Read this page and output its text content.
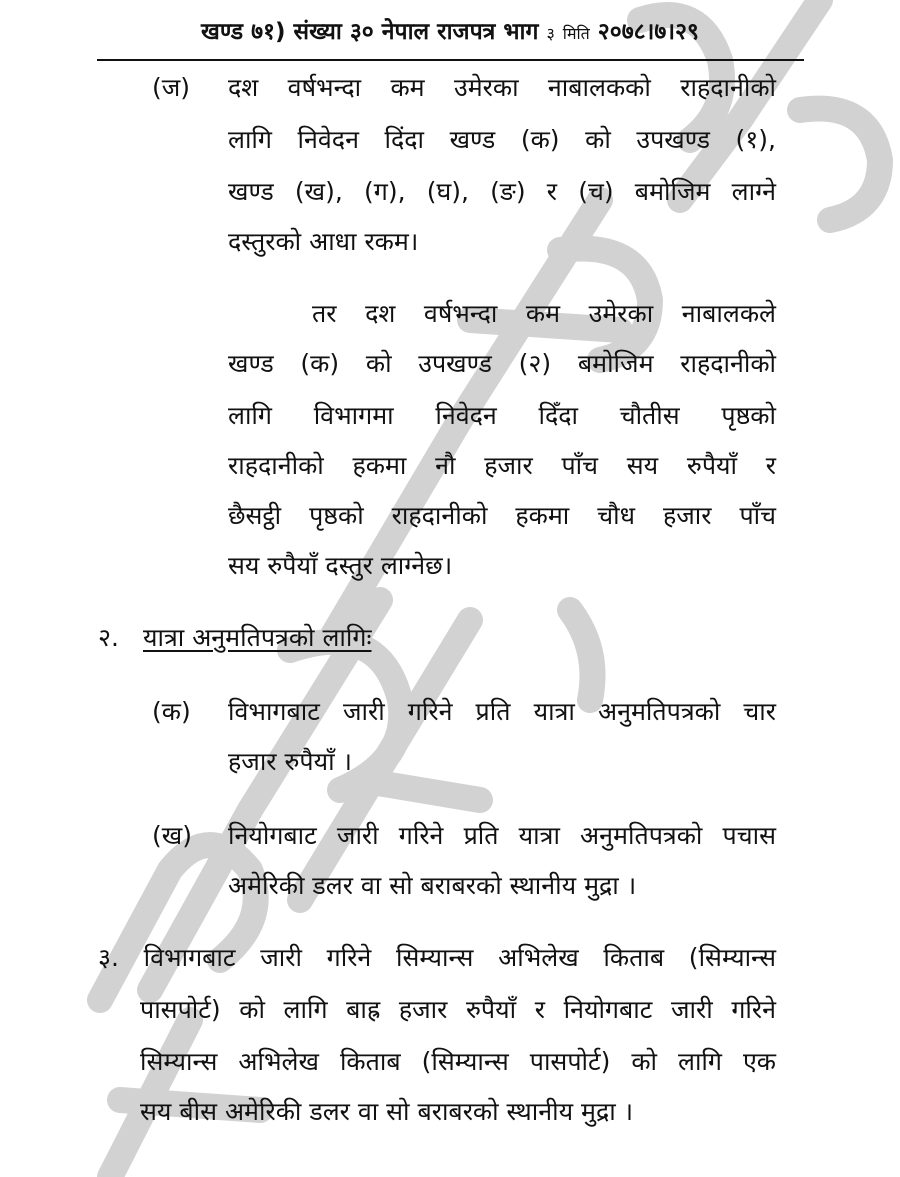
खण्ड ७१) संख्या ३० नेपाल राजपत्र भाग ३ मिति २०७८।७।२९
(ज) दश वर्षभन्दा कम उमेरका नाबालकको राहदानीको
लागि निवेदन दिंदा खण्ड (क) को उपखण्ड (१),
खण्ड (ख), (ग), (घ), (ङ) र (च) बमोजिम लाग्ने
दस्तुरको आधा रकम।
तर दश वर्षभन्दा कम उमेरका नाबालकले
खण्ड (क) को उपखण्ड (२) बमोजिम राहदानीको
लागि विभागमा निवेदन दिँदा चौतीस पृष्ठको
राहदानीको हकमा नौ हजार पाँच सय रुपैयाँ र
छैसट्ठी पृष्ठको राहदानीको हकमा चौध हजार पाँच
सय रुपैयाँ दस्तुर लाग्नेछ।
२. यात्रा अनुमतिपत्रको लागिः
(क) विभागबाट जारी गरिने प्रति यात्रा अनुमतिपत्रको चार
हजार रुपैयाँ ।
(ख) नियोगबाट जारी गरिने प्रति यात्रा अनुमतिपत्रको पचास
अमेरिकी डलर वा सो बराबरको स्थानीय मुद्रा ।
३. विभागबाट जारी गरिने सिम्यान्स अभिलेख किताब (सिम्यान्स
पासपोर्ट) को लागि बाह्र हजार रुपैयाँ र नियोगबाट जारी गरिने
सिम्यान्स अभिलेख किताब (सिम्यान्स पासपोर्ट) को लागि एक
सय बीस अमेरिकी डलर वा सो बराबरको स्थानीय मुद्रा ।
